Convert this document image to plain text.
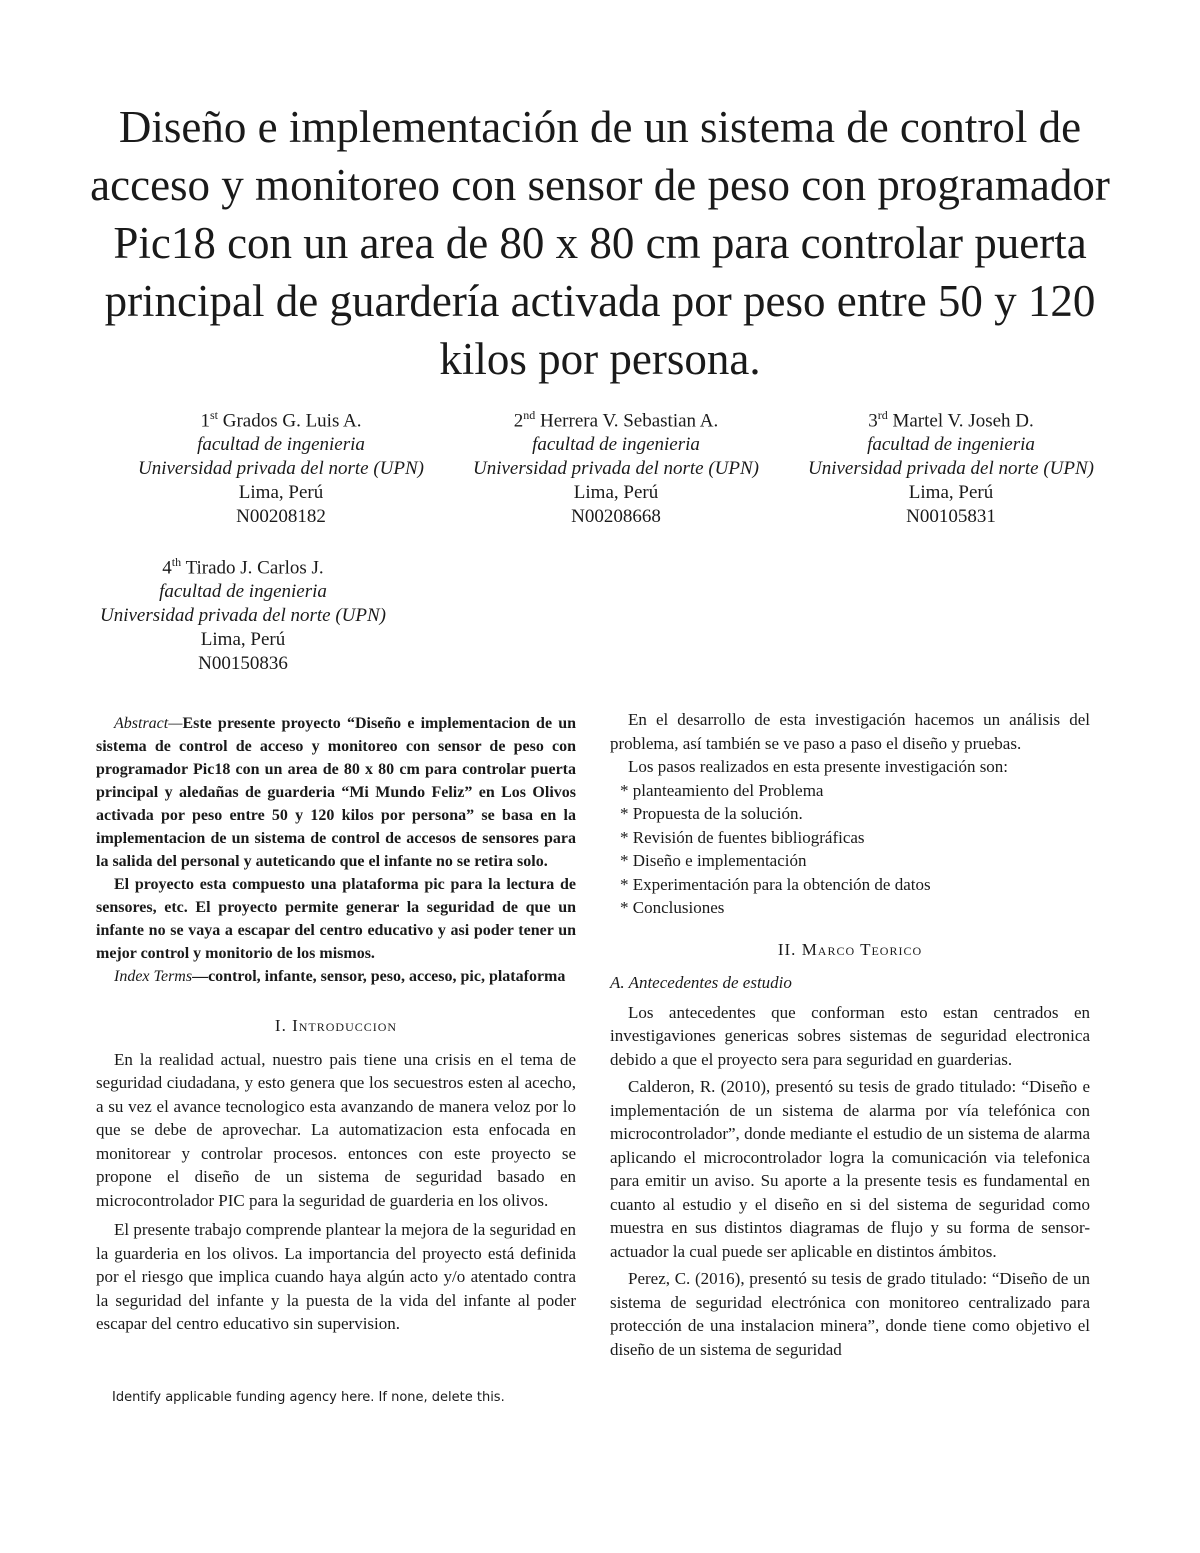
Diseño e implementación de un sistema de control de acceso y monitoreo con sensor de peso con programador Pic18 con un area de 80 x 80 cm para controlar puerta principal de guardería activada por peso entre 50 y 120 kilos por persona.
1st Grados G. Luis A.
facultad de ingenieria
Universidad privada del norte (UPN)
Lima, Perú
N00208182
2nd Herrera V. Sebastian A.
facultad de ingenieria
Universidad privada del norte (UPN)
Lima, Perú
N00208668
3rd Martel V. Joseh D.
facultad de ingenieria
Universidad privada del norte (UPN)
Lima, Perú
N00105831
4th Tirado J. Carlos J.
facultad de ingenieria
Universidad privada del norte (UPN)
Lima, Perú
N00150836

Abstract—Este presente proyecto “Diseño e implementacion de un sistema de control de acceso y monitoreo con sensor de peso con programador Pic18 con un area de 80 x 80 cm para controlar puerta principal y aledañas de guarderia “Mi Mundo Feliz” en Los Olivos activada por peso entre 50 y 120 kilos por persona” se basa en la implementacion de un sistema de control de accesos de sensores para la salida del personal y auteticando que el infante no se retira solo.

El proyecto esta compuesto una plataforma pic para la lectura de sensores, etc. El proyecto permite generar la seguridad de que un infante no se vaya a escapar del centro educativo y asi poder tener un mejor control y monitorio de los mismos.

Index Terms—control, infante, sensor, peso, acceso, pic, plataforma

I. Introduccion

En la realidad actual, nuestro pais tiene una crisis en el tema de seguridad ciudadana, y esto genera que los secuestros esten al acecho, a su vez el avance tecnologico esta avanzando de manera veloz por lo que se debe de aprovechar. La automatizacion esta enfocada en monitorear y controlar procesos. entonces con este proyecto se propone el diseño de un sistema de seguridad basado en microcontrolador PIC para la seguridad de guarderia en los olivos.

El presente trabajo comprende plantear la mejora de la seguridad en la guarderia en los olivos. La importancia del proyecto está definida por el riesgo que implica cuando haya algún acto y/o atentado contra la seguridad del infante y la puesta de la vida del infante al poder escapar del centro educativo sin supervision.

Identify applicable funding agency here. If none, delete this.

En el desarrollo de esta investigación hacemos un análisis del problema, así también se ve paso a paso el diseño y pruebas.

Los pasos realizados en esta presente investigación son:

* planteamiento del Problema
* Propuesta de la solución.
* Revisión de fuentes bibliográficas
* Diseño e implementación
* Experimentación para la obtención de datos
* Conclusiones
II. Marco Teorico
A. Antecedentes de estudio

Los antecedentes que conforman esto estan centrados en investigaviones genericas sobres sistemas de seguridad electronica debido a que el proyecto sera para seguridad en guarderias.

Calderon, R. (2010), presentó su tesis de grado titulado: “Diseño e implementación de un sistema de alarma por vía telefónica con microcontrolador”, donde mediante el estudio de un sistema de alarma aplicando el microcontrolador logra la comunicación via telefonica para emitir un aviso. Su aporte a la presente tesis es fundamental en cuanto al estudio y el diseño en si del sistema de seguridad como muestra en sus distintos diagramas de flujo y su forma de sensor-actuador la cual puede ser aplicable en distintos ámbitos.

Perez, C. (2016), presentó su tesis de grado titulado: “Diseño de un sistema de seguridad electrónica con monitoreo centralizado para protección de una instalacion minera”, donde tiene como objetivo el diseño de un sistema de seguridad
